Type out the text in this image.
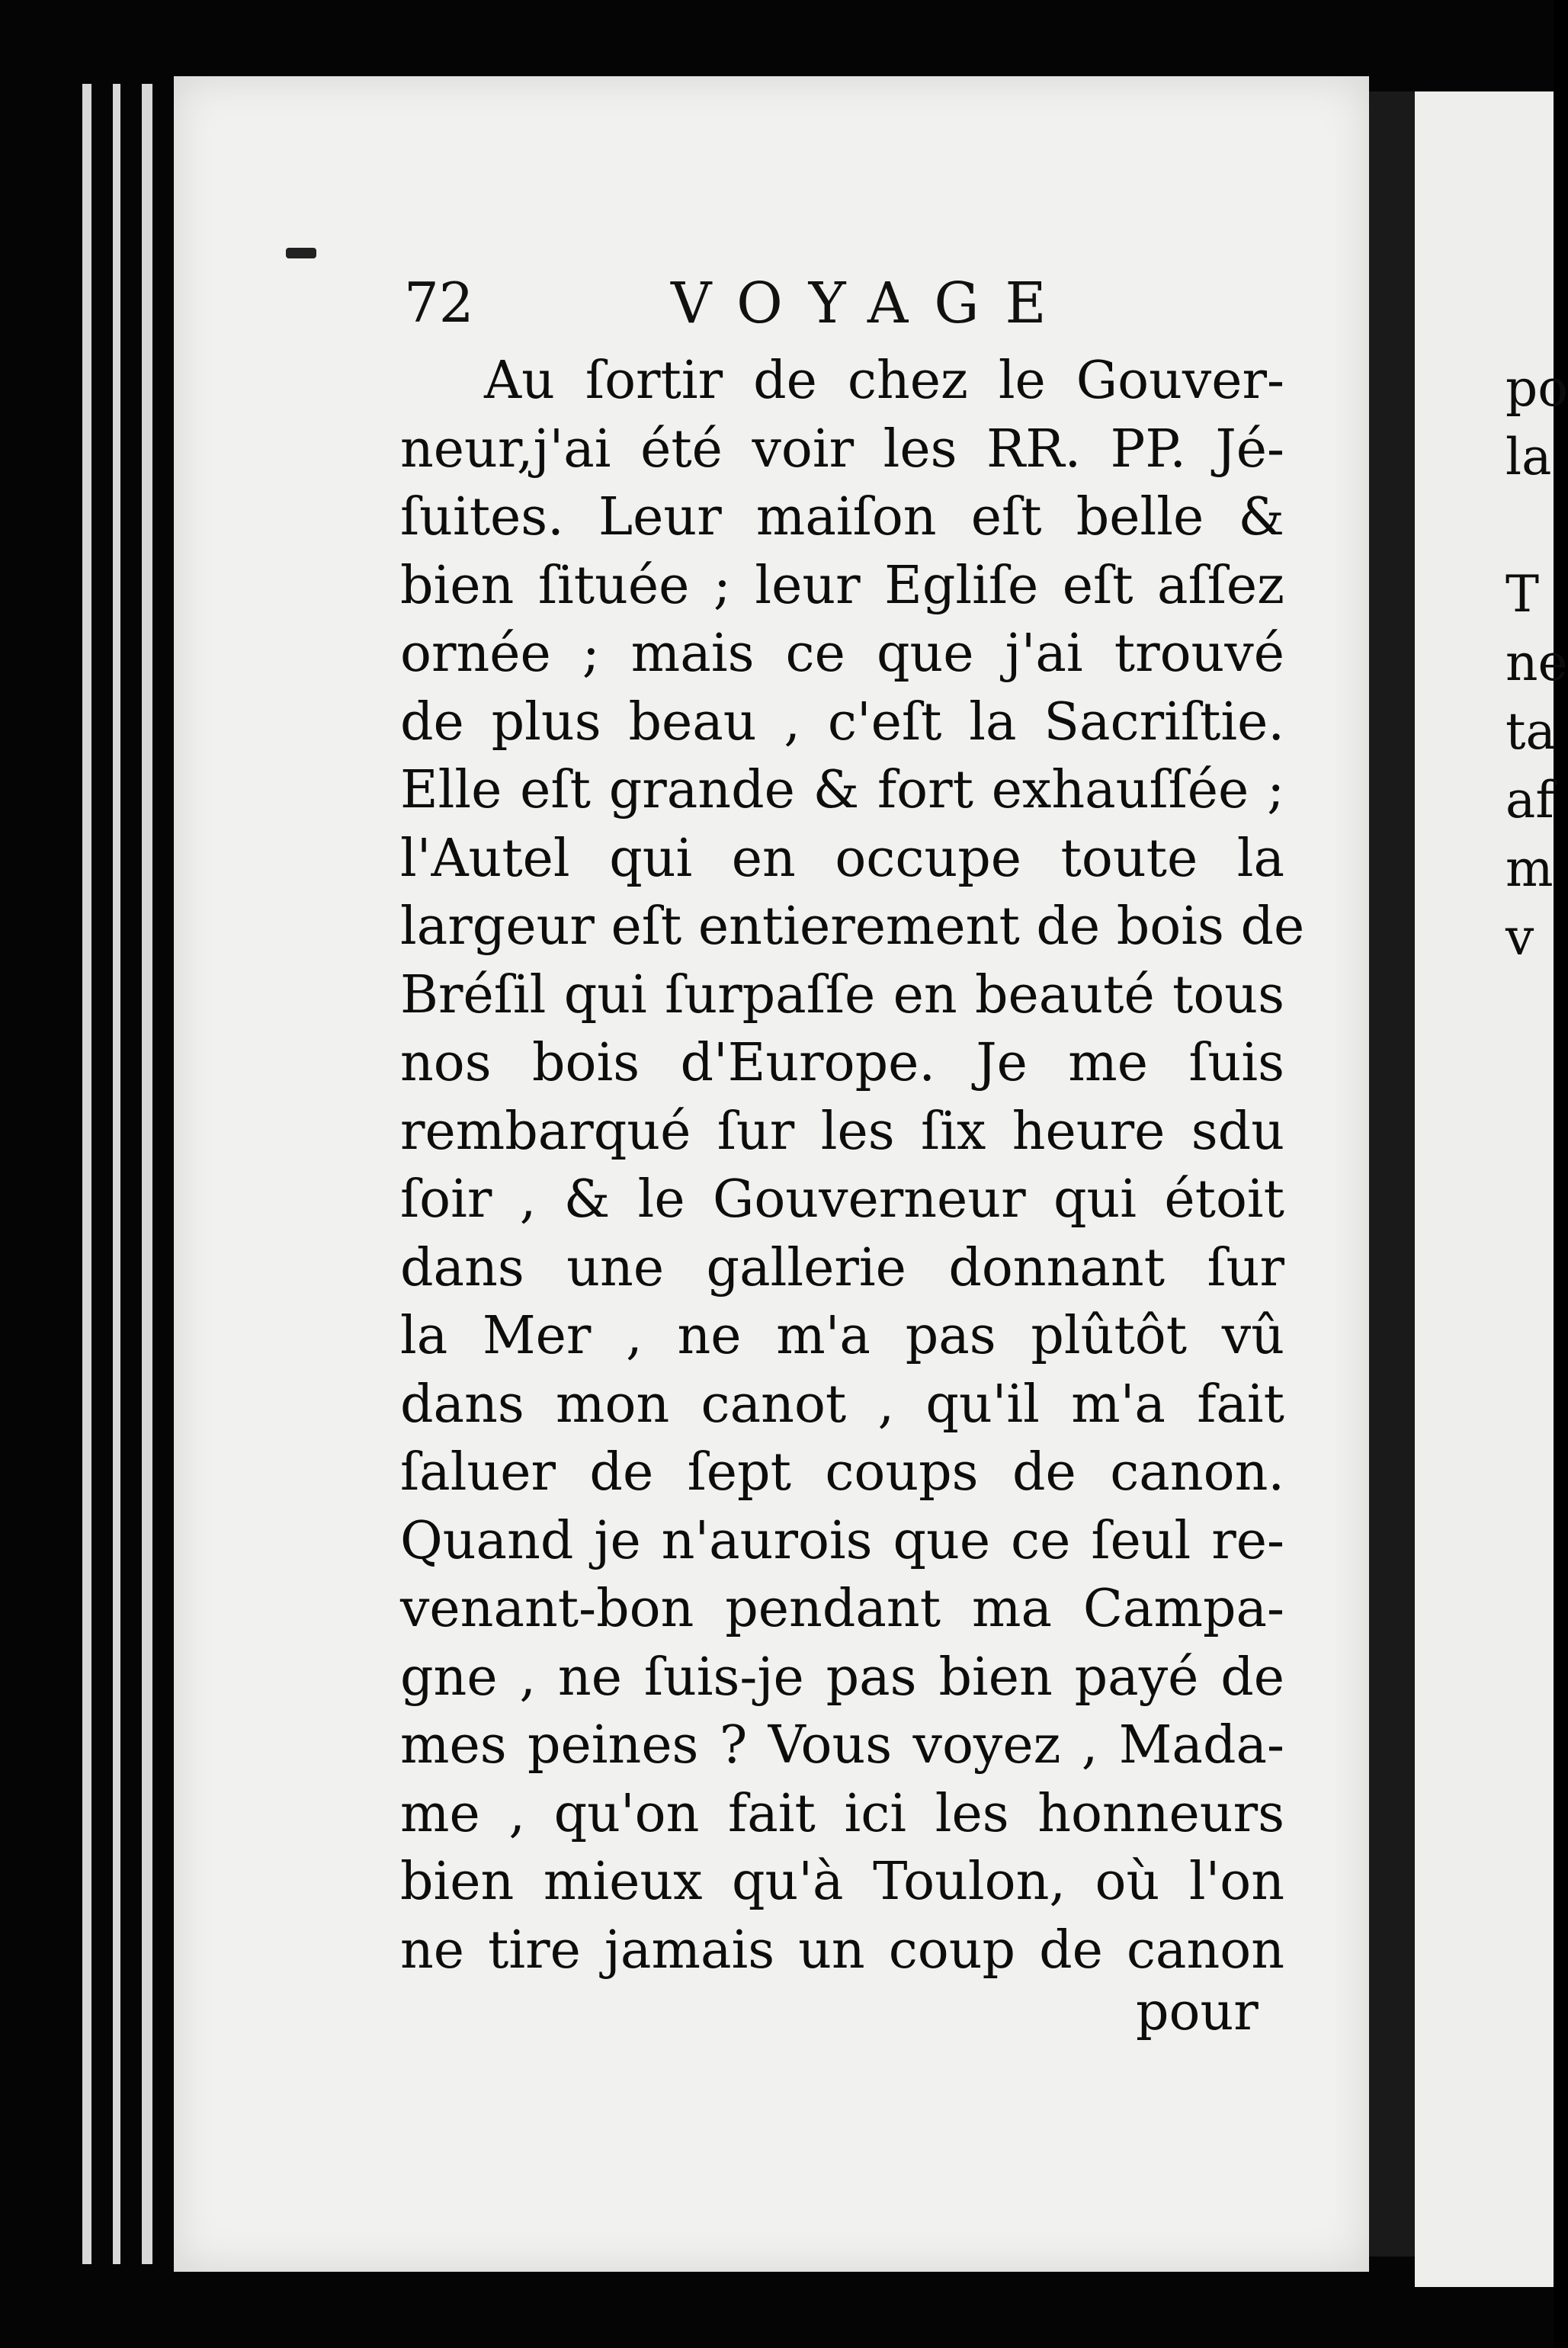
72	VOYAGE
Au ſortir de chez le Gouver-
neur,j'ai été voir les RR. PP. Jé-
ſuites. Leur maiſon eſt belle &
bien ſituée ; leur Egliſe eſt aſſez
ornée ; mais ce que j'ai trouvé
de plus beau , c'eſt la Sacriſtie.
Elle eſt grande & fort exhauſſée ;
l'Autel qui en occupe toute la
largeur eſt entierement de bois de
Bréſil qui ſurpaſſe en beauté tous
nos bois d'Europe. Je me ſuis
rembarqué ſur les ſix heure sdu
ſoir , & le Gouverneur qui étoit
dans une gallerie donnant ſur
la Mer , ne m'a pas plûtôt vû
dans mon canot , qu'il m'a fait
ſaluer de ſept coups de canon.
Quand je n'aurois que ce ſeul re-
venant-bon pendant ma Campa-
gne , ne ſuis-je pas bien payé de
mes peines ? Vous voyez , Mada-
me , qu'on fait ici les honneurs
bien mieux qu'à Toulon, où l'on
ne tire jamais un coup de canon
pour
po
la
T
ne
ta
af
m
v
